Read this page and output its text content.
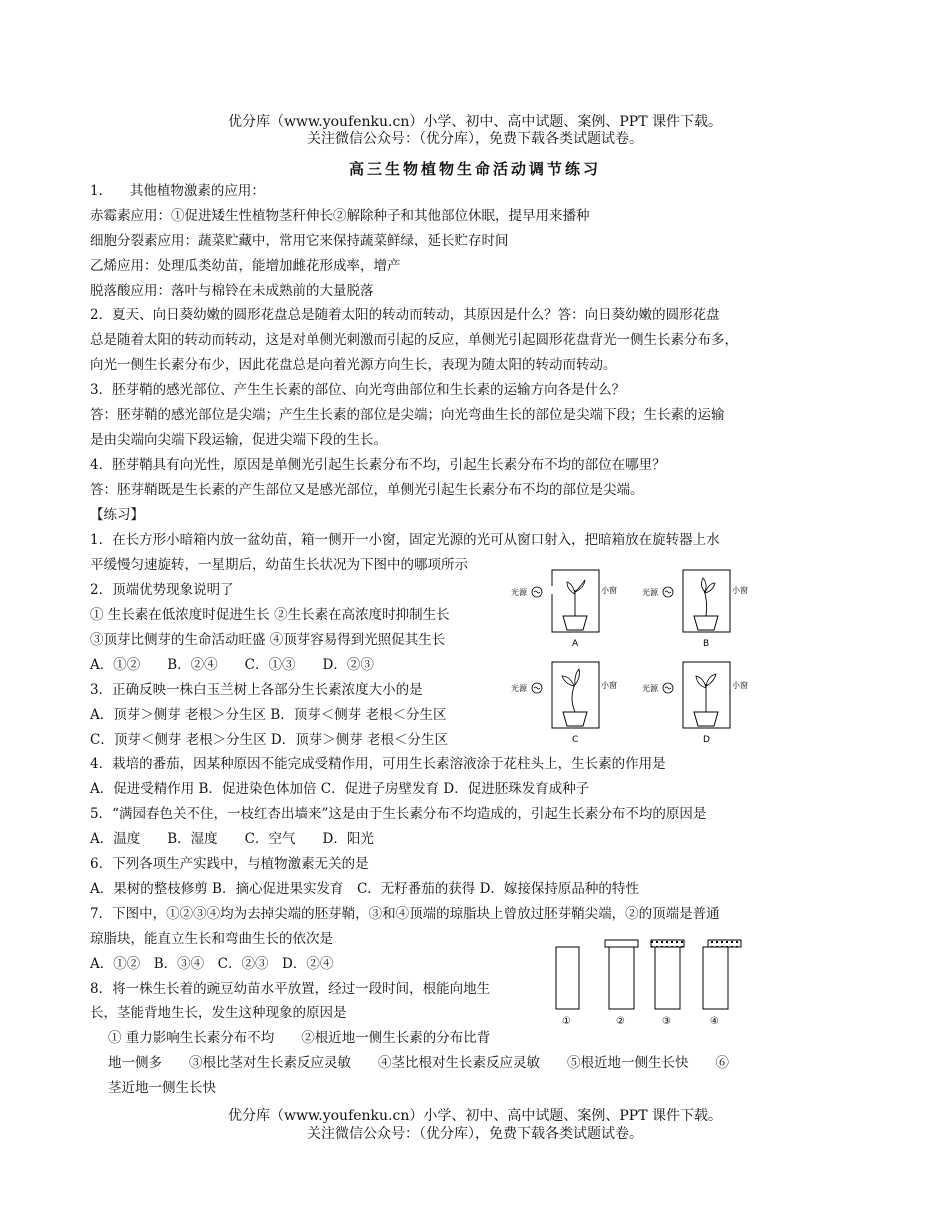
优分库（www.youfenku.cn）小学、初中、高中试题、案例、PPT 课件下载。
关注微信公众号：（优分库），免费下载各类试题试卷。
高三生物植物生命活动调节练习
1.　　其他植物激素的应用：
赤霉素应用：①促进矮生性植物茎秆伸长②解除种子和其他部位休眠，提早用来播种
细胞分裂素应用：蔬菜贮藏中，常用它来保持蔬菜鲜绿，延长贮存时间
乙烯应用：处理瓜类幼苗，能增加雌花形成率，增产
脱落酸应用：落叶与棉铃在未成熟前的大量脱落
2．夏天、向日葵幼嫩的圆形花盘总是随着太阳的转动而转动，其原因是什么？答：向日葵幼嫩的圆形花盘
总是随着太阳的转动而转动，这是对单侧光刺激而引起的反应，单侧光引起圆形花盘背光一侧生长素分布多，
向光一侧生长素分布少，因此花盘总是向着光源方向生长，表现为随太阳的转动而转动。
3．胚芽鞘的感光部位、产生生长素的部位、向光弯曲部位和生长素的运输方向各是什么？
答：胚芽鞘的感光部位是尖端；产生生长素的部位是尖端；向光弯曲生长的部位是尖端下段；生长素的运输
是由尖端向尖端下段运输，促进尖端下段的生长。
4．胚芽鞘具有向光性，原因是单侧光引起生长素分布不均，引起生长素分布不均的部位在哪里？
答：胚芽鞘既是生长素的产生部位又是感光部位，单侧光引起生长素分布不均的部位是尖端。
【练习】
1．在长方形小暗箱内放一盆幼苗，箱一侧开一小窗，固定光源的光可从窗口射入，把暗箱放在旋转器上水
平缓慢匀速旋转，一星期后，幼苗生长状况为下图中的哪项所示
2．顶端优势现象说明了
① 生长素在低浓度时促进生长 ②生长素在高浓度时抑制生长
③顶芽比侧芽的生命活动旺盛 ④顶芽容易得到光照促其生长
A．①②　　B．②④　　C．①③　　D．②③
3．正确反映一株白玉兰树上各部分生长素浓度大小的是
A．顶芽＞侧芽 老根＞分生区 B．顶芽＜侧芽 老根＜分生区
C．顶芽＜侧芽 老根＞分生区 D．顶芽＞侧芽 老根＜分生区
4．栽培的番茄，因某种原因不能完成受精作用，可用生长素溶液涂于花柱头上，生长素的作用是
A．促进受精作用 B．促进染色体加倍 C．促进子房壁发育 D．促进胚珠发育成种子
5．“满园春色关不住，一枝红杏出墙来”这是由于生长素分布不均造成的，引起生长素分布不均的原因是
A．温度　　B．湿度　　C．空气　　D．阳光
6．下列各项生产实践中，与植物激素无关的是
A．果树的整枝修剪 B．摘心促进果实发育　C．无籽番茄的获得 D．嫁接保持原品种的特性
7．下图中，①②③④均为去掉尖端的胚芽鞘，③和④顶端的琼脂块上曾放过胚芽鞘尖端，②的顶端是普通
琼脂块，能直立生长和弯曲生长的依次是
A．①②　B．③④　C．②③　D．②④
8．将一株生长着的豌豆幼苗水平放置，经过一段时间，根能向地生
长，茎能背地生长，发生这种现象的原因是
① 重力影响生长素分布不均　　②根近地一侧生长素的分布比背
地一侧多　　③根比茎对生长素反应灵敏　　④茎比根对生长素反应灵敏　　⑤根近地一侧生长快　　⑥
茎近地一侧生长快
优分库（www.youfenku.cn）小学、初中、高中试题、案例、PPT 课件下载。
关注微信公众号：（优分库），免费下载各类试题试卷。
光源	小窗
A
光源	小窗
B
光源	小窗
C
光源	小窗
D
①	②	③	④
